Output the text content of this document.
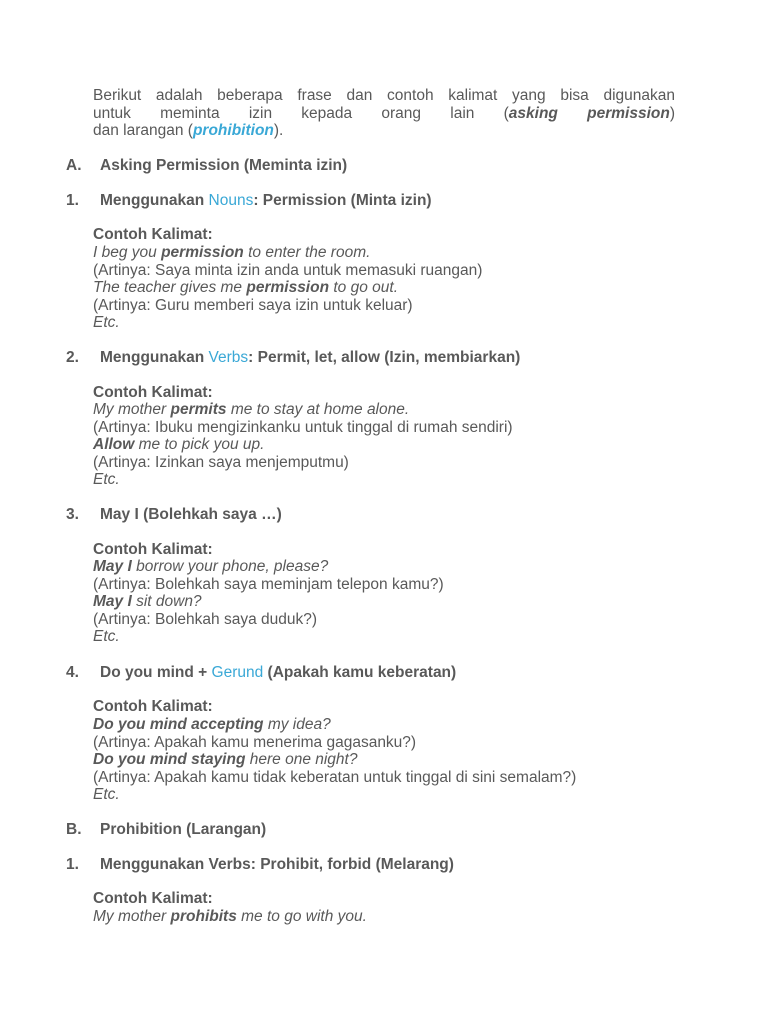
Berikut adalah beberapa frase dan contoh kalimat yang bisa digunakan
untuk meminta izin kepada orang lain (asking permission)
dan larangan (prohibition).
A. Asking Permission (Meminta izin)
1. Menggunakan Nouns: Permission (Minta izin)
Contoh Kalimat:
I beg you permission to enter the room.
(Artinya: Saya minta izin anda untuk memasuki ruangan)
The teacher gives me permission to go out.
(Artinya: Guru memberi saya izin untuk keluar)
Etc.
2. Menggunakan Verbs: Permit, let, allow (Izin, membiarkan)
Contoh Kalimat:
My mother permits me to stay at home alone.
(Artinya: Ibuku mengizinkanku untuk tinggal di rumah sendiri)
Allow me to pick you up.
(Artinya: Izinkan saya menjemputmu)
Etc.
3. May I (Bolehkah saya …)
Contoh Kalimat:
May I borrow your phone, please?
(Artinya: Bolehkah saya meminjam telepon kamu?)
May I sit down?
(Artinya: Bolehkah saya duduk?)
Etc.
4. Do you mind + Gerund (Apakah kamu keberatan)
Contoh Kalimat:
Do you mind accepting my idea?
(Artinya: Apakah kamu menerima gagasanku?)
Do you mind staying here one night?
(Artinya: Apakah kamu tidak keberatan untuk tinggal di sini semalam?)
Etc.
B. Prohibition (Larangan)
1. Menggunakan Verbs: Prohibit, forbid (Melarang)
Contoh Kalimat:
My mother prohibits me to go with you.
